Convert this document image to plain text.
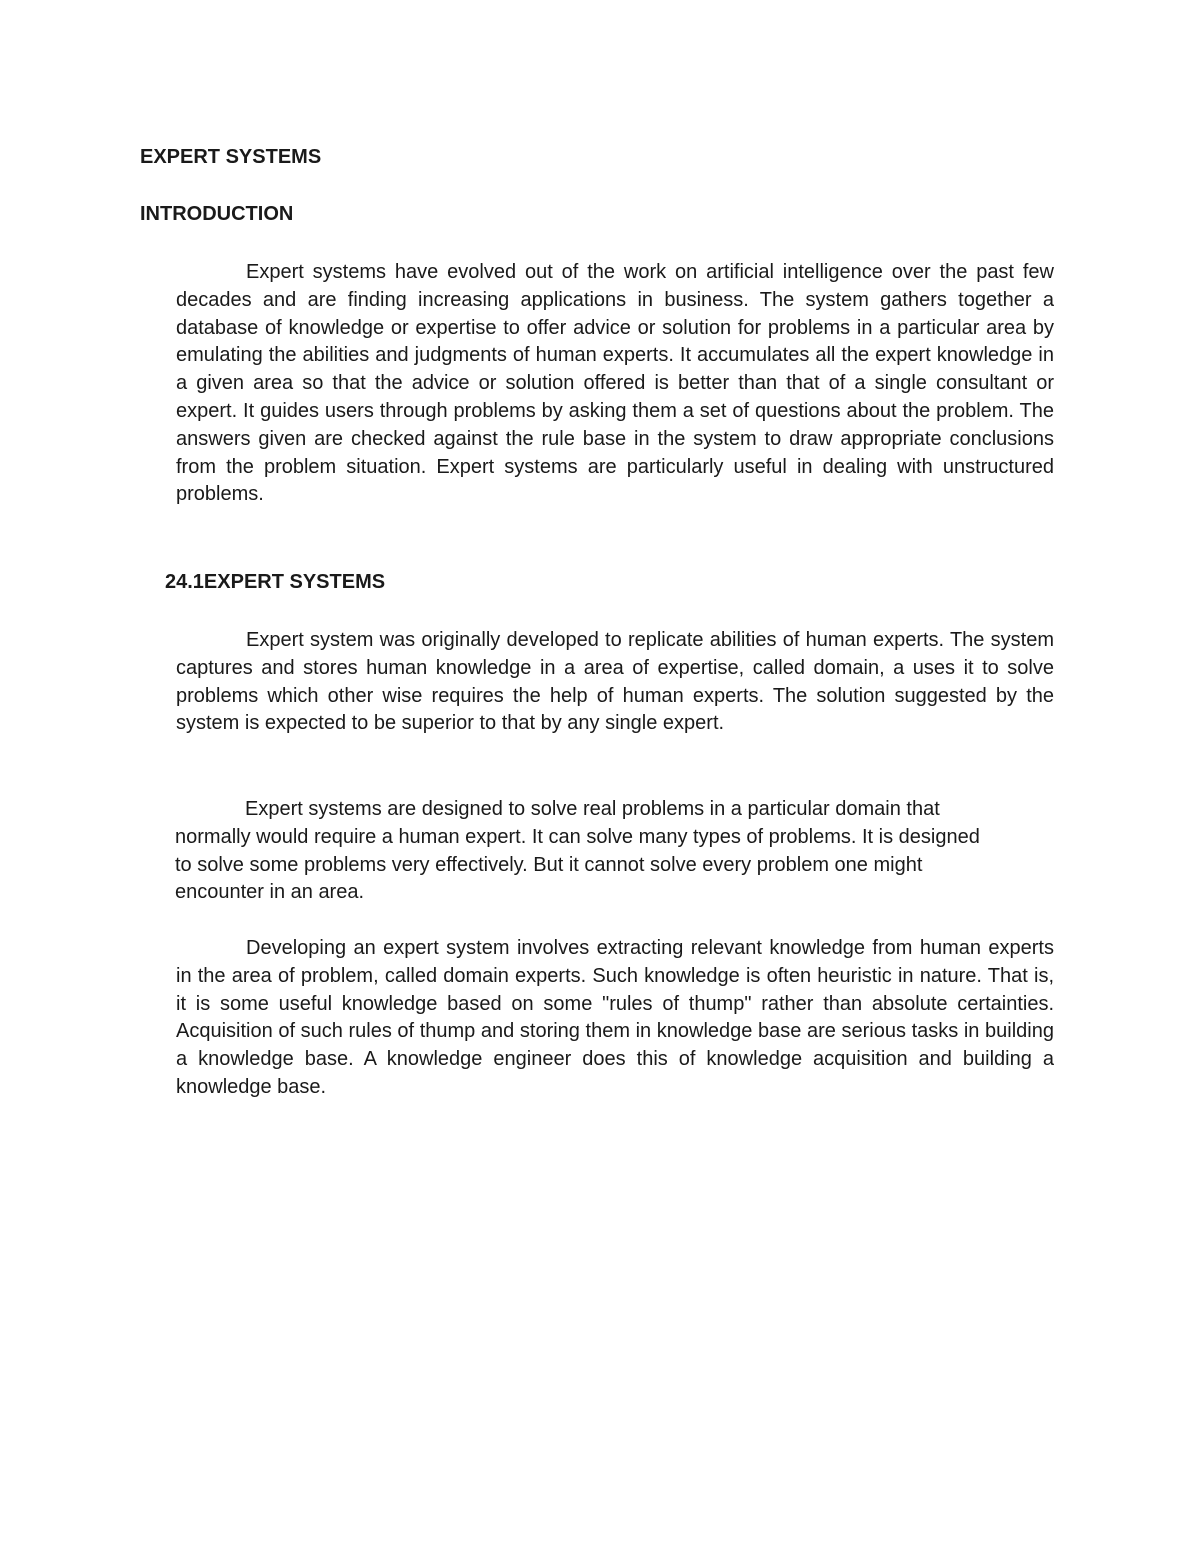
EXPERT SYSTEMS
INTRODUCTION

Expert systems have evolved out of the work on artificial intelligence over the past few decades and are finding increasing applications in business. The system gathers together a database of knowledge or expertise to offer advice or solution for problems in a particular area by emulating the abilities and judgments of human experts. It accumulates all the expert knowledge in a given area so that the advice or solution offered is better than that of a single consultant or expert. It guides users through problems by asking them a set of questions about the problem. The answers given are checked against the rule base in the system to draw appropriate conclusions from the problem situation. Expert systems are particularly useful in dealing with unstructured problems.

24.1EXPERT SYSTEMS

Expert system was originally developed to replicate abilities of human experts. The system captures and stores human knowledge in a area of expertise, called domain, a uses it to solve problems which other wise requires the help of human experts. The solution suggested by the system is expected to be superior to that by any single expert.

Expert systems are designed to solve real problems in a particular domain that normally would require a human expert. It can solve many types of problems. It is designed to solve some problems very effectively. But it cannot solve every problem one might encounter in an area.

Developing an expert system involves extracting relevant knowledge from human experts in the area of problem, called domain experts. Such knowledge is often heuristic in nature. That is, it is some useful knowledge based on some "rules of thump" rather than absolute certainties. Acquisition of such rules of thump and storing them in knowledge base are serious tasks in building a knowledge base. A knowledge engineer does this of knowledge acquisition and building a knowledge base.
